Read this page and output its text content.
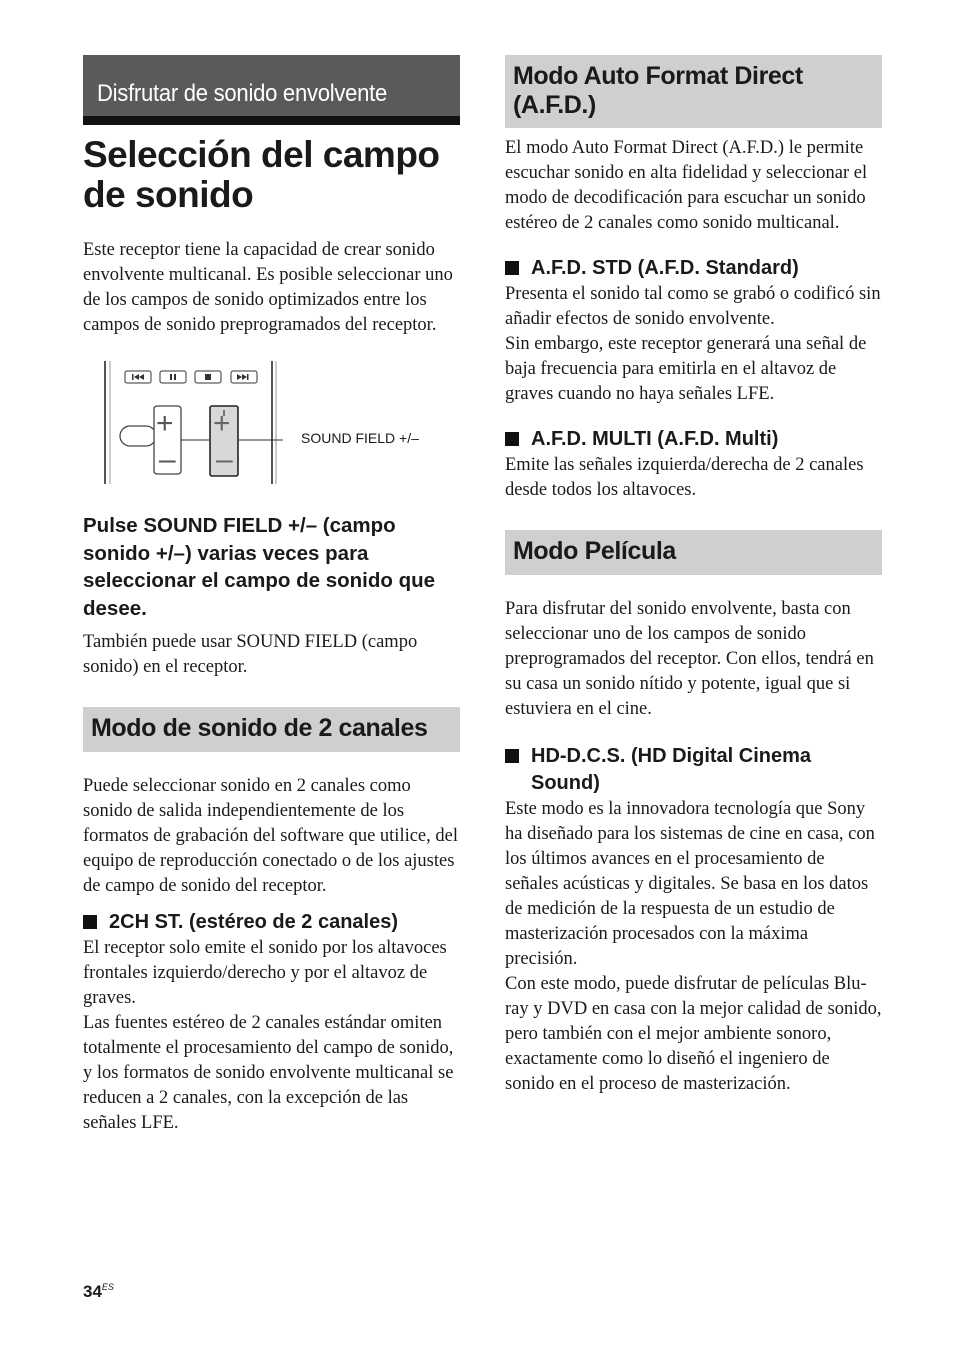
Disfrutar de sonido envolvente
Selección del campo de sonido

Este receptor tiene la capacidad de crear sonido envolvente multicanal. Es posible seleccionar uno de los campos de sonido optimizados entre los campos de sonido preprogramados del receptor.

+
–
+
–
SOUND FIELD +/–
Pulse SOUND FIELD +/– (campo sonido +/–) varias veces para seleccionar el campo de sonido que desee.

También puede usar SOUND FIELD (campo sonido) en el receptor.

Modo de sonido de 2 canales

Puede seleccionar sonido en 2 canales como sonido de salida independientemente de los formatos de grabación del software que utilice, del equipo de reproducción conectado o de los ajustes de campo de sonido del receptor.

2CH ST. (estéreo de 2 canales)

El receptor solo emite el sonido por los altavoces frontales izquierdo/derecho y por el altavoz de graves.

Las fuentes estéreo de 2 canales estándar omiten totalmente el procesamiento del campo de sonido, y los formatos de sonido envolvente multicanal se reducen a 2 canales, con la excepción de las señales LFE.

Modo Auto Format Direct (A.F.D.)

El modo Auto Format Direct (A.F.D.) le permite escuchar sonido en alta fidelidad y seleccionar el modo de decodificación para escuchar un sonido estéreo de 2 canales como sonido multicanal.

A.F.D. STD (A.F.D. Standard)

Presenta el sonido tal como se grabó o codificó sin añadir efectos de sonido envolvente.

Sin embargo, este receptor generará una señal de baja frecuencia para emitirla en el altavoz de graves cuando no haya señales LFE.

A.F.D. MULTI (A.F.D. Multi)

Emite las señales izquierda/derecha de 2 canales desde todos los altavoces.

Modo Película

Para disfrutar del sonido envolvente, basta con seleccionar uno de los campos de sonido preprogramados del receptor. Con ellos, tendrá en su casa un sonido nítido y potente, igual que si estuviera en el cine.

HD-D.C.S. (HD Digital Cinema Sound)

Este modo es la innovadora tecnología que Sony ha diseñado para los sistemas de cine en casa, con los últimos avances en el procesamiento de señales acústicas y digitales. Se basa en los datos de medición de la respuesta de un estudio de masterización procesados con la máxima precisión.

Con este modo, puede disfrutar de películas Blu-ray y DVD en casa con la mejor calidad de sonido, pero también con el mejor ambiente sonoro, exactamente como lo diseñó el ingeniero de sonido en el proceso de masterización.

$34^{ES}$
